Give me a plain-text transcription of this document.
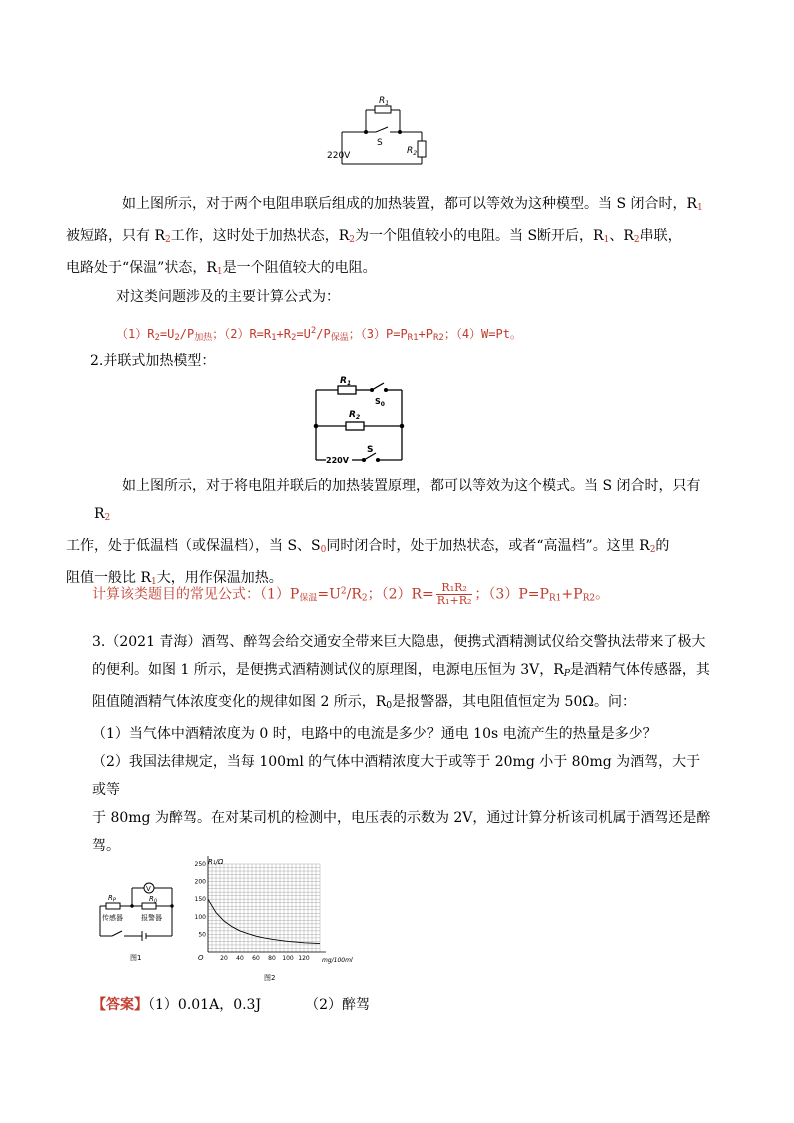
$R_1$
S
220V	$R_2$
如上图所示，对于两个电阻串联后组成的加热装置，都可以等效为这种模型。当 S 闭合时，$R_1$
被短路，只有 $R_2$工作，这时处于加热状态，$R_2$为一个阻值较小的电阻。当 S断开后，$R_1$、$R_2$串联，
电路处于“保温”状态，$R_1$是一个阻值较大的电阻。
对这类问题涉及的主要计算公式为：
$(1)R_2=U_2/P_{加热}$；$(2)R=R_1+R_2=U^2/P_{保温}$；$(3)P=P_{R1}+P_{R2}$；（4）W=Pt。
2.并联式加热模型：
$R_1$
$S_0$
$R_2$
220V
S
如上图所示，对于将电阻并联后的加热装置原理，都可以等效为这个模式。当 S 闭合时，只有 $R_2$
工作，处于低温档（或保温档），当 S、$S_0$同时闭合时，处于加热状态，或者“高温档”。这里 $R_2$的
阻值一般比 $R_1$大，用作保温加热。
计算该类题目的常见公式：$(1)P_{保温}=U^2/R_2$；$(2)R= \frac{\text{R₁R₂}}{\text{R₁+R₂}}$ ；$(3)P=P_{R1}+P_{R2}$。
3.（2021 青海）酒驾、醉驾会给交通安全带来巨大隐患，便携式酒精测试仪给交警执法带来了极大
的便利。如图 1 所示，是便携式酒精测试仪的原理图，电源电压恒为 3V，$R_P$是酒精气体传感器，其
阻值随酒精气体浓度变化的规律如图 2 所示，$R_0$是报警器，其电阻值恒定为 50Ω。问：
（1）当气体中酒精浓度为 0 时，电路中的电流是多少？通电 10s 电流产生的热量是多少？
（2）我国法律规定，当每 100ml 的气体中酒精浓度大于或等于 20mg 小于 80mg 为酒驾，大于或等
于 80mg 为醉驾。在对某司机的检测中，电压表的示数为 2V，通过计算分析该司机属于酒驾还是醉
驾。
$R_P$
V
$R_0$
传感器	报警器
图1	20 40 60 80 100 120
50
100
150
200
250 R₁/Ω
mg/100ml
O
图2
【答案】（1）0.01A，0.3J	（2）醉驾
